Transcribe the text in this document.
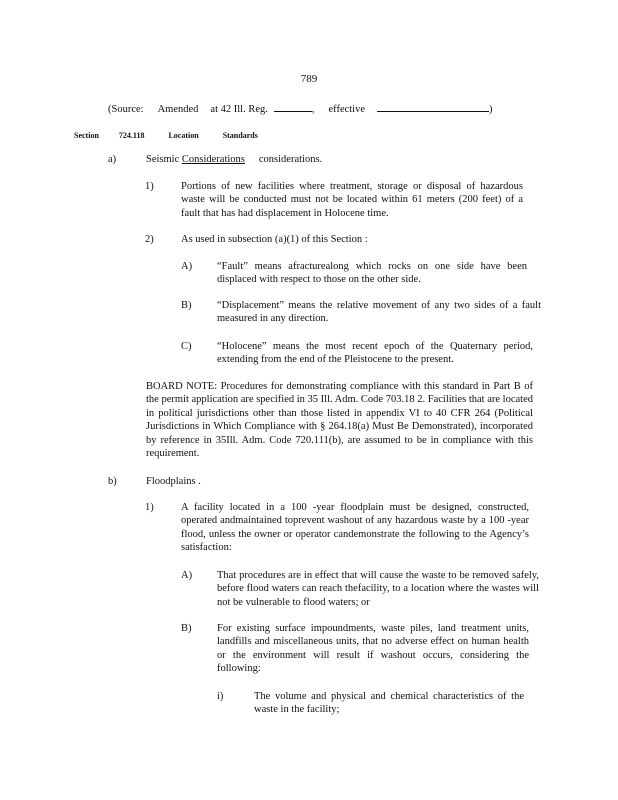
789
(Source: Amended at 42 Ill. Reg.	, effective	)
Section	724.118	Location	Standards
a)	Seismic Considerations considerations.
1)	Portions of new facilities where treatment, storage or disposal of hazardous waste will be conducted must not be located within 61 meters (200 feet) of a fault that has had displacement in Holocene time.
2)	As used in subsection (a)(1) of this Section :
A) “Fault” means afracturealong which rocks on one side have been displaced with respect to those on the other side.
B) “Displacement” means the relative movement of any two sides of a fault measured in any direction.
C) “Holocene” means the most recent epoch of the Quaternary period, extending from the end of the Pleistocene to the present.
BOARD NOTE: Procedures for demonstrating compliance with this standard in Part B of the permit application are specified in 35 Ill. Adm. Code 703.18 2. Facilities that are located in political jurisdictions other than those listed in appendix VI to 40 CFR 264 (Political Jurisdictions in Which Compliance with § 264.18(a) Must Be Demonstrated), incorporated by reference in 35Ill. Adm. Code 720.111(b), are assumed to be in compliance with this requirement.
b)	Floodplains .
1)	A facility located in a 100 -year floodplain must be designed, constructed, operated andmaintained toprevent washout of any hazardous waste by a 100 -year flood, unless the owner or operator candemonstrate the following to the Agency’s satisfaction:
A) That procedures are in effect that will cause the waste to be removed safely, before flood waters can reach thefacility, to a location where the wastes will not be vulnerable to flood waters; or
B) For existing surface impoundments, waste piles, land treatment units, landfills and miscellaneous units, that no adverse effect on human health or the environment will result if washout occurs, considering the following:
i)	The volume and physical and chemical characteristics of the waste in the facility;
